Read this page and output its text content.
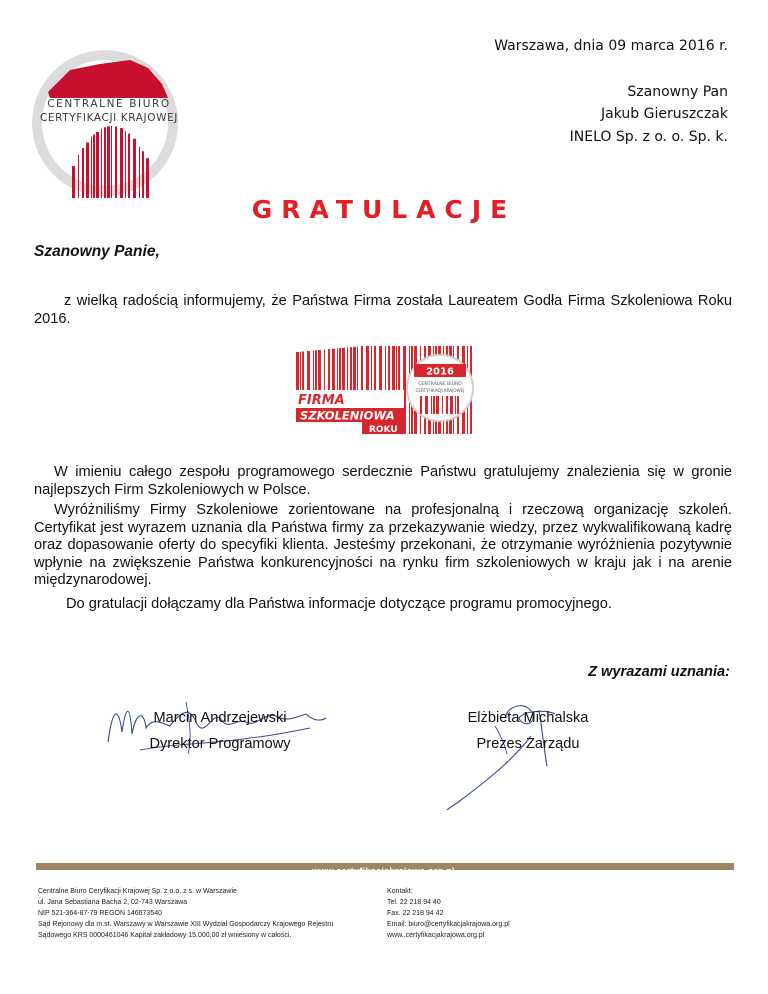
CENTRALNE BIURO
CERTYFIKACJI KRAJOWEJ
Warszawa, dnia 09 marca 2016 r.
Szanowny Pan
Jakub Gieruszczak
INELO Sp. z o. o. Sp. k.
GRATULACJE
Szanowny Panie,
z wielką radością informujemy, że Państwa Firma została Laureatem Godła Firma Szkoleniowa Roku 2016.
FIRMA
SZKOLENIOWA
ROKU
2016
CENTRALNE BIURO
CERTYFIKACJI KRAJOWEJ
W imieniu całego zespołu programowego serdecznie Państwu gratulujemy znalezienia się w gronie najlepszych Firm Szkoleniowych w Polsce.
Wyróżniliśmy Firmy Szkoleniowe zorientowane na profesjonalną i rzeczową organizację szkoleń. Certyfikat jest wyrazem uznania dla Państwa firmy za przekazywanie wiedzy, przez wykwalifikowaną kadrę oraz dopasowanie oferty do specyfiki klienta. Jesteśmy przekonani, że otrzymanie wyróżnienia pozytywnie wpłynie na zwiększenie Państwa konkurencyjności na rynku firm szkoleniowych w kraju jak i na arenie międzynarodowej.
Do gratulacji dołączamy dla Państwa informacje dotyczące programu promocyjnego.
Z wyrazami uznania:
Marcin Andrzejewski
Dyrektor Programowy
Elżbieta Michalska
Prezes Zarządu
www.certyfikacjakrajowa.org.pl
Centralne Biuro Ceryfikacji Krajowej Sp. z o.o. z s. w Warszawie
ul. Jana Sebastiana Bacha 2, 02-743 Warszawa
NIP 521-364-87-79 REGON 146673540
Sąd Rejonowy dla m.st. Warszawy w Warszawie XIII Wydział Gospodarczy Krajowego Rejestru
Sądowego KRS 0000461046 Kapitał zakładowy 15.000,00 zł wniesiony w całości.
Kontakt:
Tel. 22 218 94 40
Fax. 22 218 94 42
Email: biuro@certyfikacjakrajowa.org.pl
www..certyfikacjakrajowa.org.pl
